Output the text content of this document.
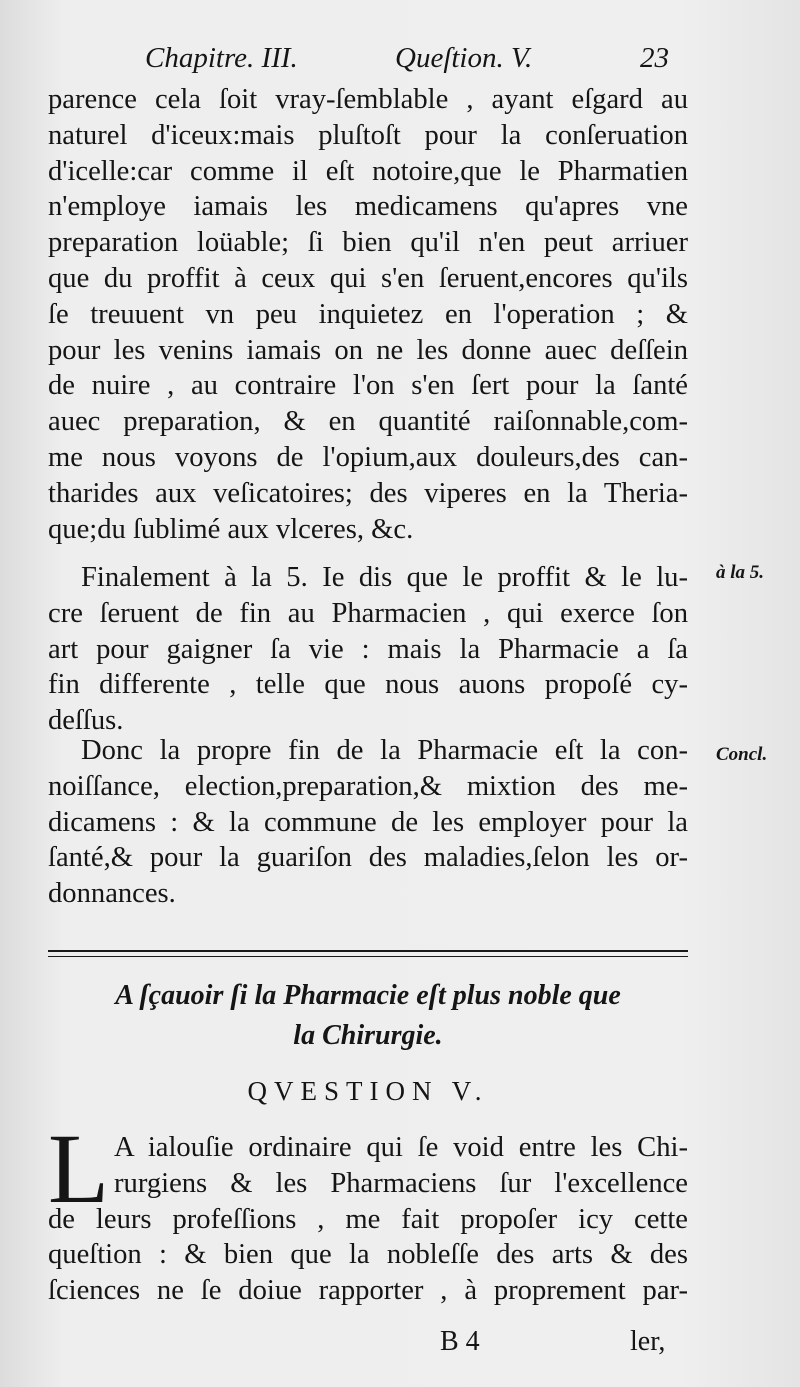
Chapitre. III.	Queſtion. V.	23
parence cela ſoit vray-ſemblable , ayant eſgard au
naturel d'iceux:mais pluſtoſt pour la conſeruation
d'icelle:car comme il eſt notoire,que le Pharmatien
n'employe iamais les medicamens qu'apres vne
preparation loüable; ſi bien qu'il n'en peut arriuer
que du proffit à ceux qui s'en ſeruent,encores qu'ils
ſe treuuent vn peu inquietez en l'operation ; &
pour les venins iamais on ne les donne auec deſſein
de nuire , au contraire l'on s'en ſert pour la ſanté
auec preparation, & en quantité raiſonnable,com-
me nous voyons de l'opium,aux douleurs,des can-
tharides aux veſicatoires; des viperes en la Theria-
que;du ſublimé aux vlceres, &c.
Finalement à la 5. Ie dis que le proffit & le lu-
cre ſeruent de fin au Pharmacien , qui exerce ſon
art pour gaigner ſa vie : mais la Pharmacie a ſa
fin differente , telle que nous auons propoſé cy-
deſſus.
à la 5.
Donc la propre fin de la Pharmacie eſt la con-
noiſſance, election,preparation,& mixtion des me-
dicamens : & la commune de les employer pour la
ſanté,& pour la guariſon des maladies,ſelon les or-
donnances.
Concl.
A ſçauoir ſi la Pharmacie eſt plus noble que
la Chirurgie.
QVESTION V.
L A ialouſie ordinaire qui ſe void entre les Chi-
rurgiens & les Pharmaciens ſur l'excellence
de leurs profeſſions , me fait propoſer icy cette
queſtion : & bien que la nobleſſe des arts & des
ſciences ne ſe doiue rapporter , à proprement par-
B 4	ler,
